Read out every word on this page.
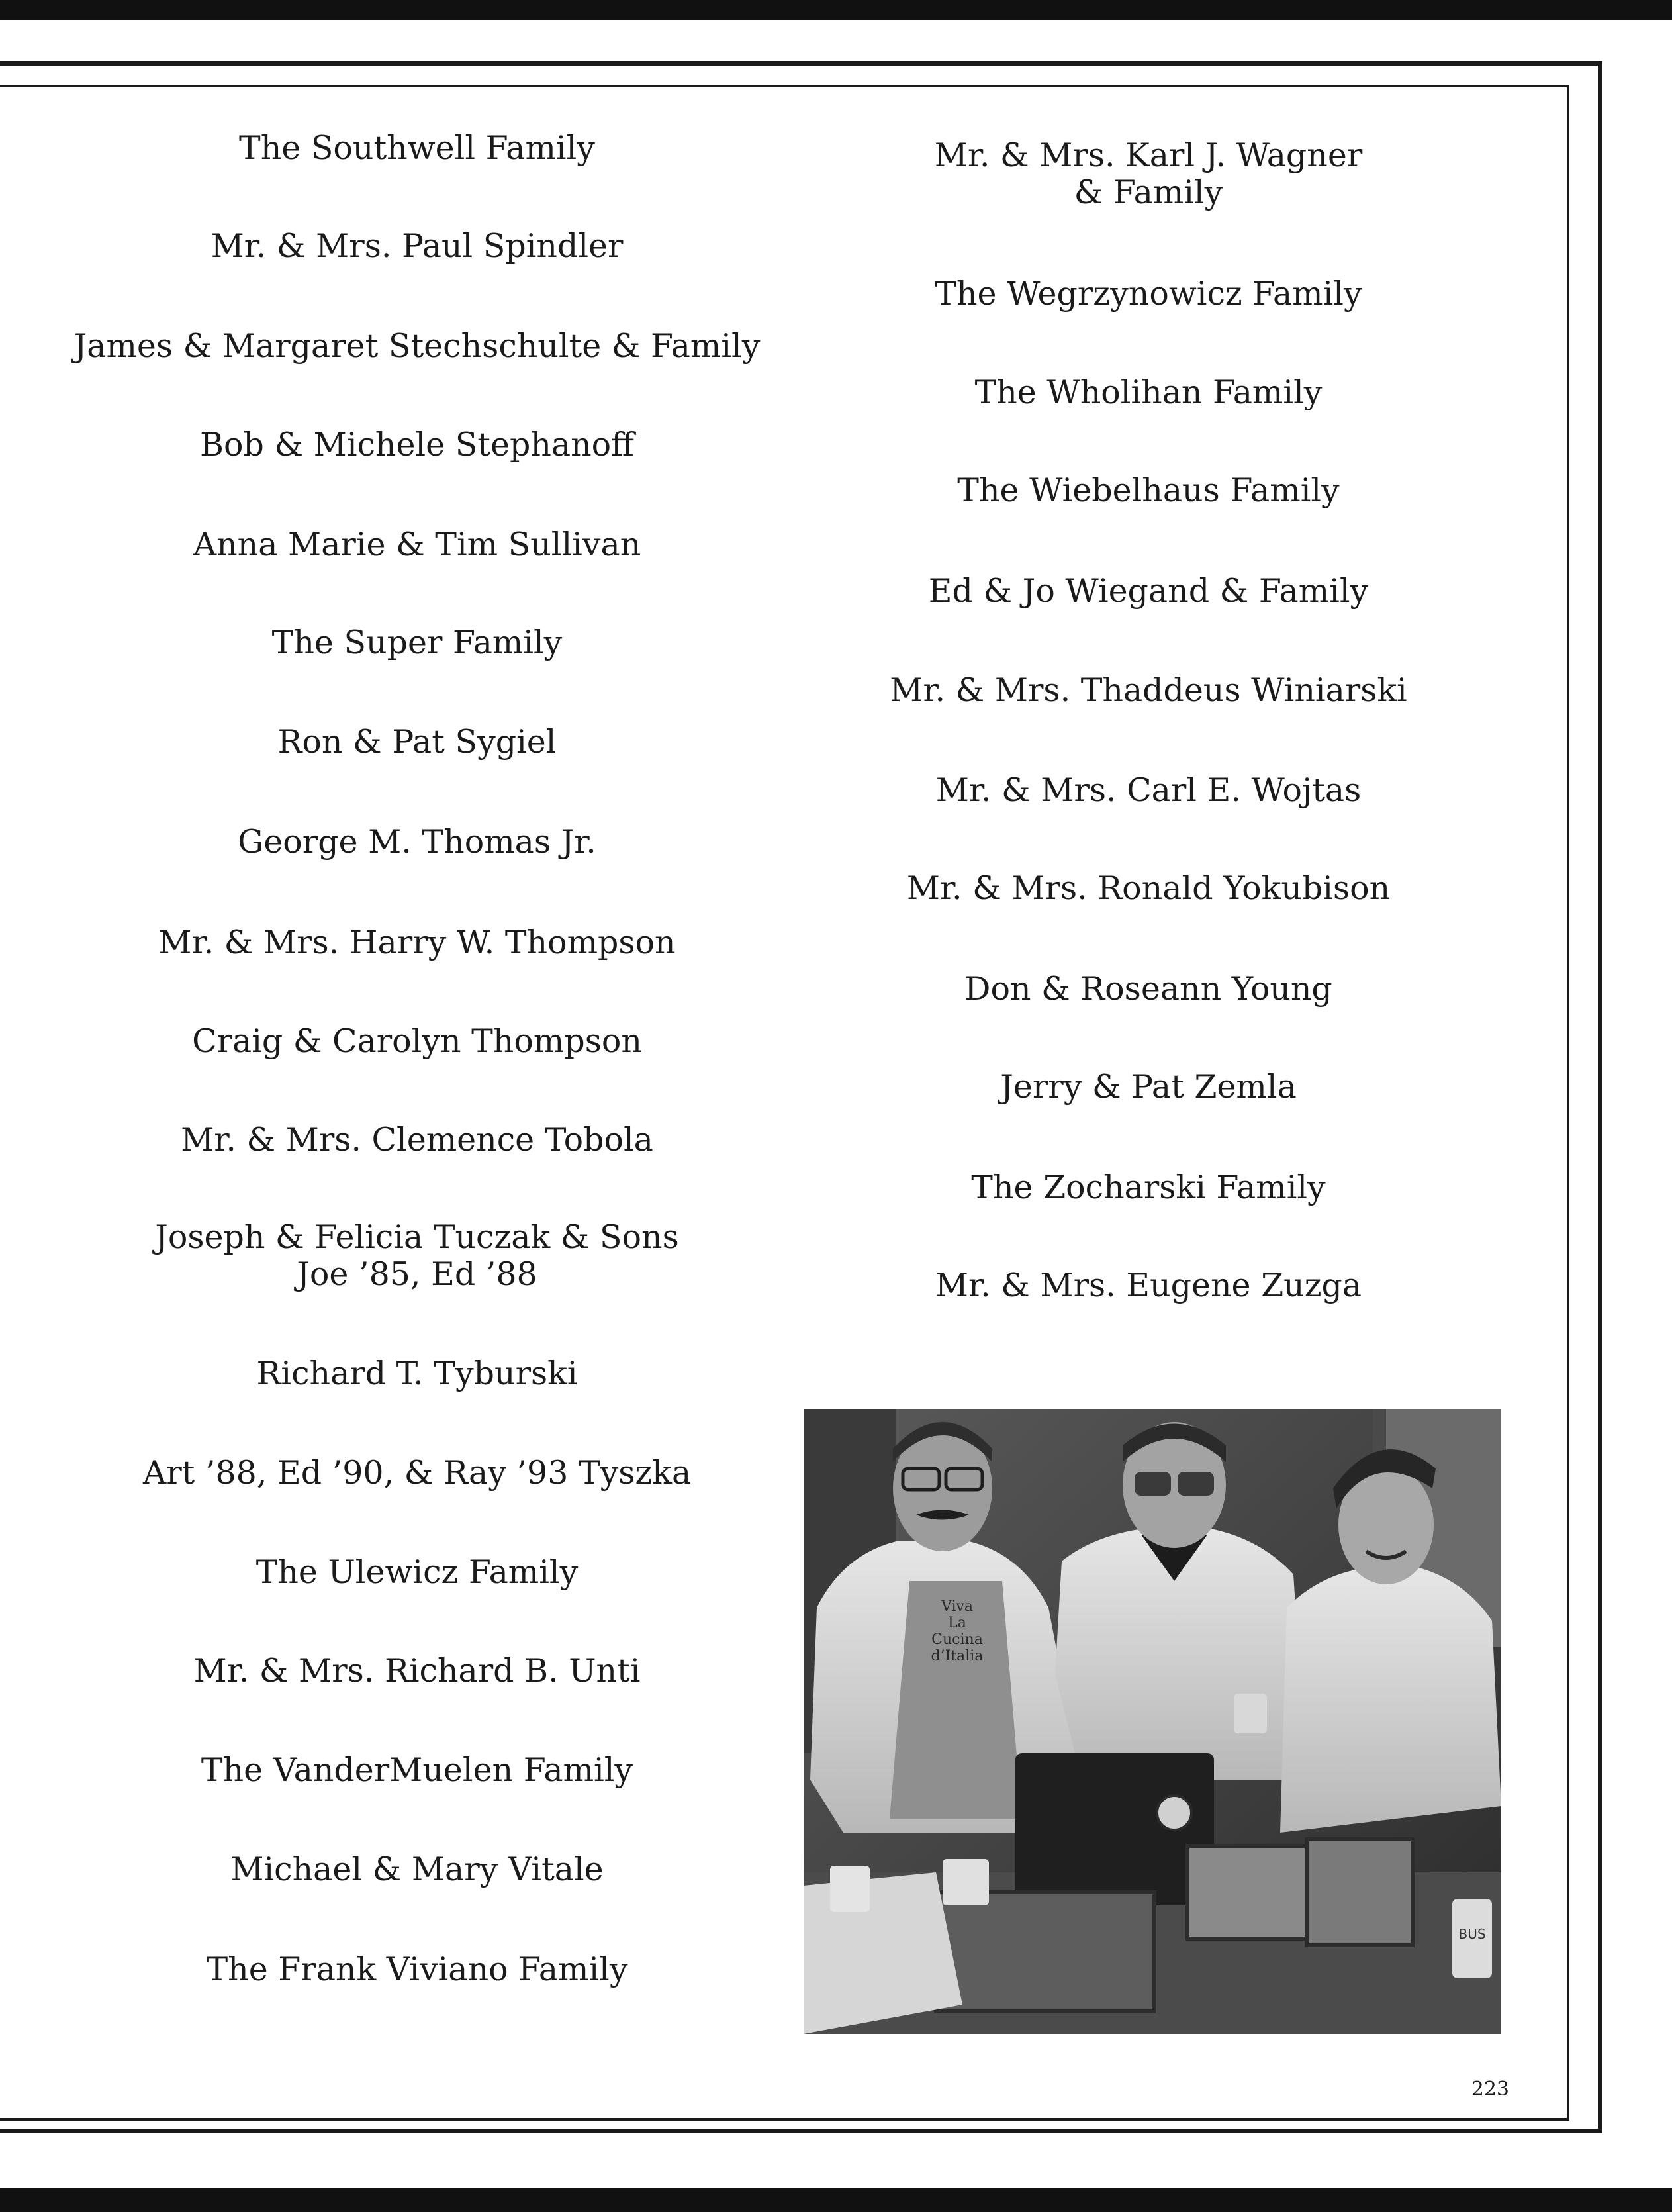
The Southwell Family
Mr. & Mrs. Paul Spindler
James & Margaret Stechschulte & Family
Bob & Michele Stephanoff
Anna Marie & Tim Sullivan
The Super Family
Ron & Pat Sygiel
George M. Thomas Jr.
Mr. & Mrs. Harry W. Thompson
Craig & Carolyn Thompson
Mr. & Mrs. Clemence Tobola
Joseph & Felicia Tuczak & Sons
Joe ’85, Ed ’88
Richard T. Tyburski
Art ’88, Ed ’90, & Ray ’93 Tyszka
The Ulewicz Family
Mr. & Mrs. Richard B. Unti
The VanderMuelen Family
Michael & Mary Vitale
The Frank Viviano Family
Mr. & Mrs. Karl J. Wagner
& Family
The Wegrzynowicz Family
The Wholihan Family
The Wiebelhaus Family
Ed & Jo Wiegand & Family
Mr. & Mrs. Thaddeus Winiarski
Mr. & Mrs. Carl E. Wojtas
Mr. & Mrs. Ronald Yokubison
Don & Roseann Young
Jerry & Pat Zemla
The Zocharski Family
Mr. & Mrs. Eugene Zuzga
Viva
La
Cucina
d’Italia
BUS
223
